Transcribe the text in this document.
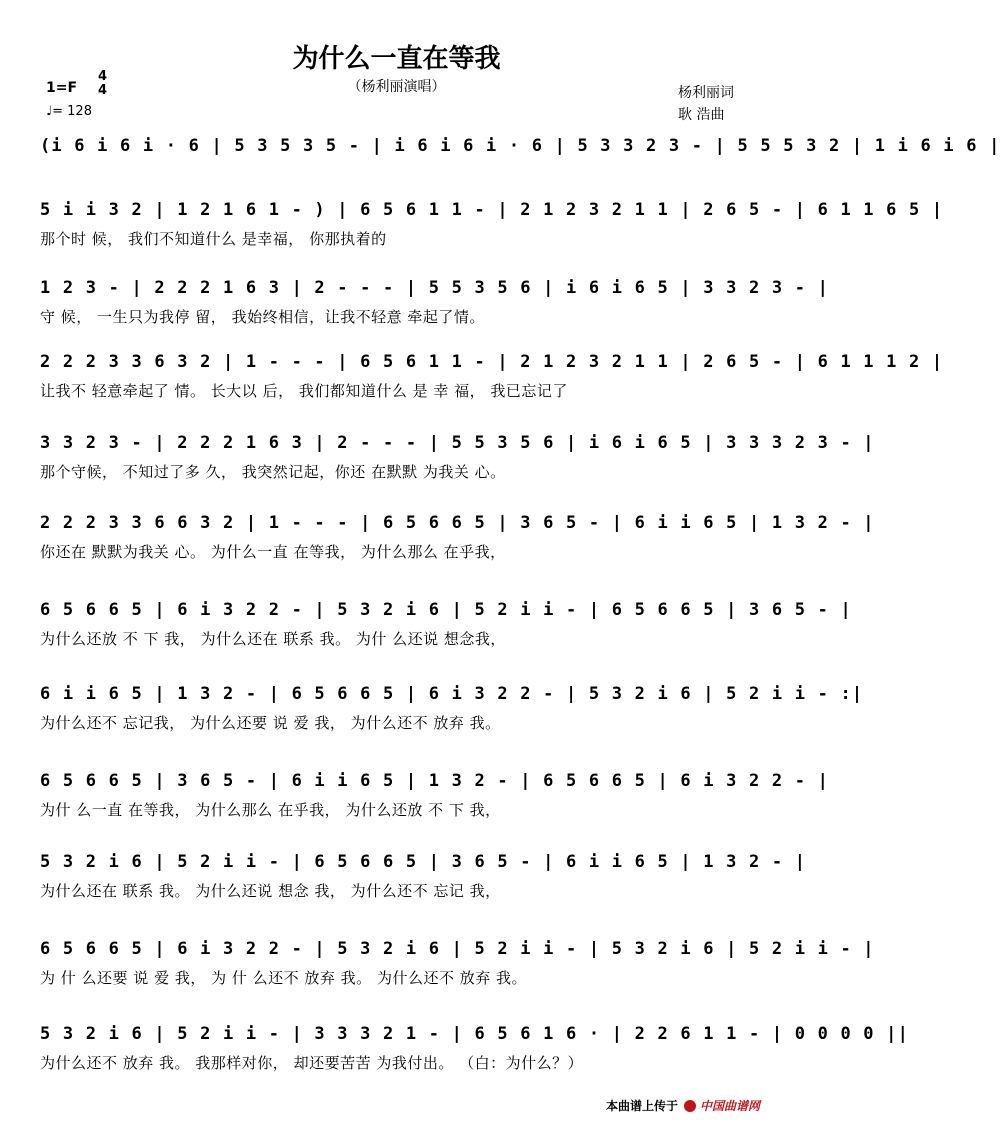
为什么一直在等我
（杨利丽演唱）
1=F
4
4
♩= 128
杨利丽词
耿 浩曲
(i 6 i 6 i · 6 | 5 3 5 3 5 - | i 6 i 6 i · 6 | 5 3 3 2 3 - | 5 5 5 3 2 | 1 i 6 i 6 |
5 i i 3 2 | 1 2 1 6 1 - ) | 6 5 6 1 1 - | 2 1 2 3 2 1 1 | 2 6 5 - | 6 1 1 6 5 |
那个时 候， 我们不知道什么 是幸福， 你那执着的
1 2 3 - | 2 2 2 1 6 3 | 2 - - - | 5 5 3 5 6 | i 6 i 6 5 | 3 3 2 3 - |
守 候， 一生只为我停 留， 我始终相信，让我不轻意 牵起了情。
2 2 2 3 3 6 3 2 | 1 - - - | 6 5 6 1 1 - | 2 1 2 3 2 1 1 | 2 6 5 - | 6 1 1 1 2 |
让我不 轻意牵起了 情。 长大以 后， 我们都知道什么 是 幸 福， 我已忘记了
3 3 2 3 - | 2 2 2 1 6 3 | 2 - - - | 5 5 3 5 6 | i 6 i 6 5 | 3 3 3 2 3 - |
那个守候， 不知过了多 久， 我突然记起，你还 在默默 为我关 心。
2 2 2 3 3 6 6 3 2 | 1 - - - | 6 5 6 6 5 | 3 6 5 - | 6 i i 6 5 | 1 3 2 - |
你还在 默默为我关 心。 为什么一直 在等我， 为什么那么 在乎我，
6 5 6 6 5 | 6 i 3 2 2 - | 5 3 2 i 6 | 5 2 i i - | 6 5 6 6 5 | 3 6 5 - |
为什么还放 不 下 我， 为什么还在 联系 我。 为什 么还说 想念我，
6 i i 6 5 | 1 3 2 - | 6 5 6 6 5 | 6 i 3 2 2 - | 5 3 2 i 6 | 5 2 i i - :|
为什么还不 忘记我， 为什么还要 说 爱 我， 为什么还不 放弃 我。
6 5 6 6 5 | 3 6 5 - | 6 i i 6 5 | 1 3 2 - | 6 5 6 6 5 | 6 i 3 2 2 - |
为什 么一直 在等我， 为什么那么 在乎我， 为什么还放 不 下 我，
5 3 2 i 6 | 5 2 i i - | 6 5 6 6 5 | 3 6 5 - | 6 i i 6 5 | 1 3 2 - |
为什么还在 联系 我。 为什么还说 想念 我， 为什么还不 忘记 我，
6 5 6 6 5 | 6 i 3 2 2 - | 5 3 2 i 6 | 5 2 i i - | 5 3 2 i 6 | 5 2 i i - |
为 什 么还要 说 爱 我， 为 什 么还不 放弃 我。 为什么还不 放弃 我。
5 3 2 i 6 | 5 2 i i - | 3 3 3 2 1 - | 6 5 6 1 6 · | 2 2 6 1 1 - | 0 0 0 0 ||
为什么还不 放弃 我。 我那样对你， 却还要苦苦 为我付出。 （白：为什么？）
本曲谱上传于 中国曲谱网
